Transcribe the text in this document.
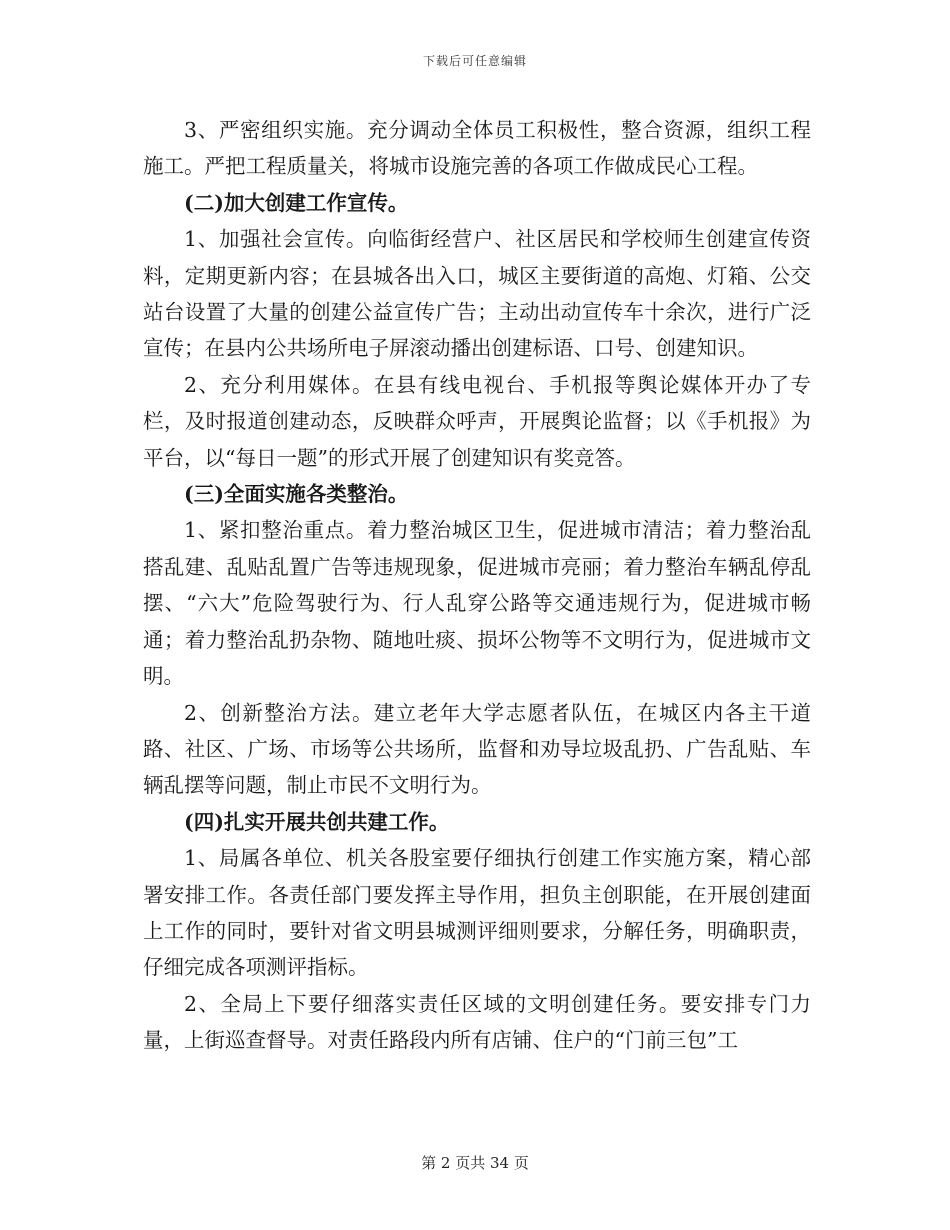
下载后可任意编辑

3、严密组织实施。充分调动全体员工积极性，整合资源，组织工程施工。严把工程质量关，将城市设施完善的各项工作做成民心工程。

(二)加大创建工作宣传。

1、加强社会宣传。向临街经营户、社区居民和学校师生创建宣传资料，定期更新内容；在县城各出入口，城区主要街道的高炮、灯箱、公交站台设置了大量的创建公益宣传广告；主动出动宣传车十余次，进行广泛宣传；在县内公共场所电子屏滚动播出创建标语、口号、创建知识。

2、充分利用媒体。在县有线电视台、手机报等舆论媒体开办了专栏，及时报道创建动态，反映群众呼声，开展舆论监督；以《手机报》为平台，以“每日一题”的形式开展了创建知识有奖竞答。

(三)全面实施各类整治。

1、紧扣整治重点。着力整治城区卫生，促进城市清洁；着力整治乱搭乱建、乱贴乱置广告等违规现象，促进城市亮丽；着力整治车辆乱停乱摆、“六大”危险驾驶行为、行人乱穿公路等交通违规行为，促进城市畅通；着力整治乱扔杂物、随地吐痰、损坏公物等不文明行为，促进城市文明。

2、创新整治方法。建立老年大学志愿者队伍，在城区内各主干道路、社区、广场、市场等公共场所，监督和劝导垃圾乱扔、广告乱贴、车辆乱摆等问题，制止市民不文明行为。

(四)扎实开展共创共建工作。

1、局属各单位、机关各股室要仔细执行创建工作实施方案，精心部署安排工作。各责任部门要发挥主导作用，担负主创职能，在开展创建面上工作的同时，要针对省文明县城测评细则要求，分解任务，明确职责，仔细完成各项测评指标。

2、全局上下要仔细落实责任区域的文明创建任务。要安排专门力量，上街巡查督导。对责任路段内所有店铺、住户的“门前三包”工

第 2 页共 34 页
